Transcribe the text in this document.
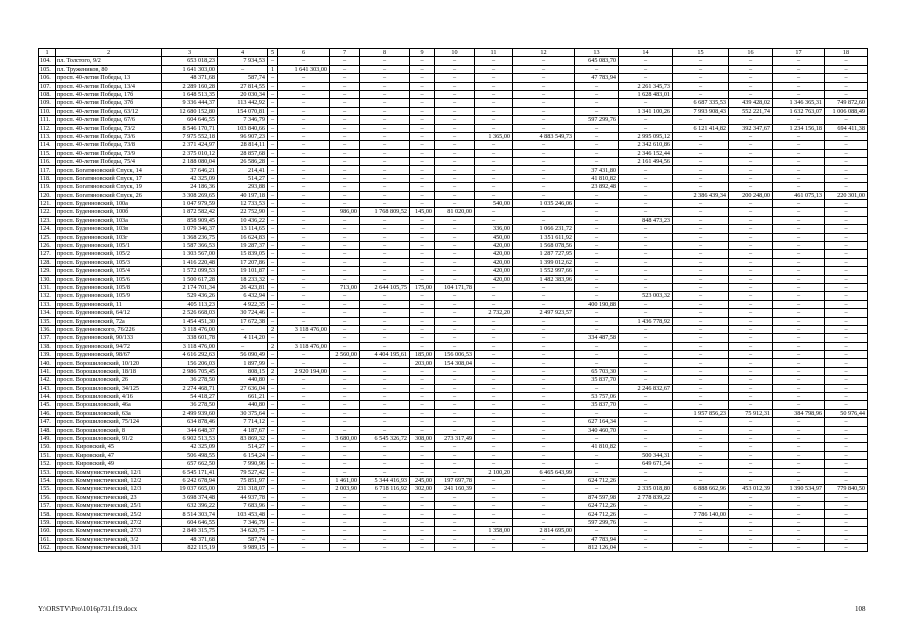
1	2	3	4	5	6	7	8	9	10	11	12	13	14	15	16	17	18
104.	пл. Толстого, 9/2	653 018,23	7 934,53	–	–	–	–	–	–	–	–	645 083,70	–	–	–	–	–
105.	пл. Тружеников, 80	1 641 303,00	–	1	1 641 303,00	–	–	–	–	–	–	–	–	–	–	–	–
106.	просп. 40-летия Победы, 13	48 371,68	587,74	–	–	–	–	–	–	–	–	47 783,94	–	–	–	–	–
107.	просп. 40-летия Победы, 13/4	2 289 160,28	27 814,55	–	–	–	–	–	–	–	–	–	2 261 345,73	–	–	–	–
108.	просп. 40-летия Победы, 17б	1 648 513,35	20 030,34	–	–	–	–	–	–	–	–	–	1 628 483,01	–	–	–	–
109.	просп. 40-летия Победы, 37б	9 336 444,37	113 442,92	–	–	–	–	–	–	–	–	–	–	6 687 335,53	439 428,02	1 346 365,31	749 872,60
110.	просп. 40-летия Победы, 63/12	12 680 152,80	154 070,81	–	–	–	–	–	–	–	–	–	1 341 100,26	7 993 908,43	552 221,74	1 632 763,07	1 006 088,49
111.	просп. 40-летия Победы, 67/6	604 646,55	7 346,79	–	–	–	–	–	–	–	–	597 299,76	–	–	–	–	–
112.	просп. 40-летия Победы, 73/2	8 546 170,71	103 840,66	–	–	–	–	–	–	–	–	–	–	6 121 414,82	392 347,67	1 234 156,18	694 411,38
113.	просп. 40-летия Победы, 73/6	7 975 552,18	96 907,23	–	–	–	–	–	–	1 365,00	4 883 549,73	–	2 995 095,12	–	–	–	–
114.	просп. 40-летия Победы, 73/8	2 371 424,97	28 814,11	–	–	–	–	–	–	–	–	–	2 342 610,86	–	–	–	–
115.	просп. 40-летия Победы, 73/9	2 375 010,12	28 857,68	–	–	–	–	–	–	–	–	–	2 346 152,44	–	–	–	–
116.	просп. 40-летия Победы, 75/4	2 188 080,04	26 586,28	–	–	–	–	–	–	–	–	–	2 161 494,56	–	–	–	–
117.	просп. Богатяновский Спуск, 14	37 646,21	214,41	–	–	–	–	–	–	–	–	37 431,80	–	–	–	–	–
118.	просп. Богатяновский Спуск, 17	42 325,09	514,27	–	–	–	–	–	–	–	–	41 810,82	–	–	–	–	–
119.	просп. Богатяновский Спуск, 19	24 186,36	293,88	–	–	–	–	–	–	–	–	23 892,48	–	–	–	–	–
120.	просп. Богатяновский Спуск, 26	3 308 269,65	40 197,18	–	–	–	–	–	–	–	–	–	–	2 386 439,34	200 248,00	461 075,13	220 301,00
121.	просп. Буденновский, 100а	1 047 979,59	12 733,53	–	–	–	–	–	–	540,00	1 035 246,06	–	–	–	–	–	–
122.	просп. Буденновский, 100б	1 872 582,42	22 752,90	–	–	986,00	1 768 809,52	145,00	81 020,00	–	–	–	–	–	–	–	–
123.	просп. Буденновский, 103а	858 909,45	10 436,22	–	–	–	–	–	–	–	–	–	848 473,23	–	–	–	–
124.	просп. Буденновский, 103в	1 079 346,37	13 114,65	–	–	–	–	–	–	336,00	1 066 231,72	–	–	–	–	–	–
125.	просп. Буденновский, 103г	1 368 236,75	16 624,83	–	–	–	–	–	–	450,00	1 351 611,92	–	–	–	–	–	–
126.	просп. Буденновский, 105/1	1 587 366,53	19 287,37	–	–	–	–	–	–	420,00	1 568 078,56	–	–	–	–	–	–
127.	просп. Буденновский, 105/2	1 303 567,00	15 839,05	–	–	–	–	–	–	420,00	1 287 727,95	–	–	–	–	–	–
128.	просп. Буденновский, 105/3	1 416 220,48	17 207,86	–	–	–	–	–	–	420,00	1 399 012,62	–	–	–	–	–	–
129.	просп. Буденновский, 105/4	1 572 099,53	19 101,87	–	–	–	–	–	–	420,00	1 552 997,66	–	–	–	–	–	–
130.	просп. Буденновский, 105/6	1 500 617,28	18 233,32	–	–	–	–	–	–	420,00	1 482 383,96	–	–	–	–	–	–
131.	просп. Буденновский, 105/8	2 174 701,34	26 423,81	–	–	713,00	2 644 105,75	175,00	104 171,78	–	–	–	–	–	–	–	–
132.	просп. Буденновский, 105/9	529 436,26	6 432,94	–	–	–	–	–	–	–	–	–	523 003,32	–	–	–	–
133.	просп. Буденновский, 11	405 113,23	4 922,35	–	–	–	–	–	–	–	–	400 190,88	–	–	–	–	–
134.	просп. Буденновский, 64/12	2 526 668,03	30 724,46	–	–	–	–	–	–	2 732,20	2 497 923,57	–	–	–	–	–	–
135.	просп. Буденновский, 72а	1 454 451,30	17 672,38	–	–	–	–	–	–	–	–	–	1 436 778,92	–	–	–	–
136.	просп. Буденновского, 76/226	3 118 476,00	–	2	3 118 476,00	–	–	–	–	–	–	–	–	–	–	–	–
137.	просп. Буденновский, 90/133	338 601,78	4 114,20	–	–	–	–	–	–	–	–	334 487,58	–	–	–	–	–
138.	просп. Буденновский, 94/72	3 118 476,00	–	2	3 118 476,00	–	–	–	–	–	–	–	–	–	–	–	–
139.	просп. Буденновский, 98/67	4 616 292,63	56 090,49	–	–	2 560,00	4 404 195,61	185,00	156 006,53	–	–	–	–	–	–	–	–
140.	просп. Ворошиловский, 10/120	156 206,03	1 897,99	–	–	–	–	203,00	154 308,04	–	–	–	–	–	–	–	–
141.	просп. Ворошиловский, 18/18	2 986 705,45	808,15	2	2 920 194,00	–	–	–	–	–	–	65 703,30	–	–	–	–	–
142.	просп. Ворошиловский, 26	36 278,50	440,80	–	–	–	–	–	–	–	–	35 837,70	–	–	–	–	–
143.	просп. Ворошиловский, 34/125	2 274 468,71	27 636,04	–	–	–	–	–	–	–	–	–	2 246 832,67	–	–	–	–
144.	просп. Ворошиловский, 4/16	54 418,27	661,21	–	–	–	–	–	–	–	–	53 757,06	–	–	–	–	–
145.	просп. Ворошиловский, 46а	36 278,50	440,80	–	–	–	–	–	–	–	–	35 837,70	–	–	–	–	–
146.	просп. Ворошиловский, 63а	2 499 939,60	30 375,64	–	–	–	–	–	–	–	–	–	–	1 957 856,23	75 912,31	384 798,96	50 976,44
147.	просп. Ворошиловский, 75/124	634 878,46	7 714,12	–	–	–	–	–	–	–	–	627 164,34	–	–	–	–	–
148.	просп. Ворошиловский, 8	344 648,37	4 187,67	–	–	–	–	–	–	–	–	340 460,70	–	–	–	–	–
149.	просп. Ворошиловский, 91/2	6 902 513,53	83 869,32	–	–	3 680,00	6 545 326,72	308,00	273 317,49	–	–	–	–	–	–	–	–
150.	просп. Кировский, 45	42 325,09	514,27	–	–	–	–	–	–	–	–	41 810,82	–	–	–	–	–
151.	просп. Кировский, 47	506 498,55	6 154,24	–	–	–	–	–	–	–	–	–	500 344,31	–	–	–	–
152.	просп. Кировский, 49	657 662,50	7 990,96	–	–	–	–	–	–	–	–	–	649 671,54	–	–	–	–
153.	просп. Коммунистический, 12/1	6 545 171,41	79 527,42	–	–	–	–	–	–	2 100,20	6 465 643,99	–	–	–	–	–	–
154.	просп. Коммунистический, 12/2	6 242 678,94	75 851,97	–	–	1 461,00	5 344 416,93	245,00	197 697,78	–	–	624 712,26	–	–	–	–	–
155.	просп. Коммунистический, 12/3	19 037 665,00	231 318,07	–	–	2 003,90	6 718 116,92	302,00	241 160,39	–	–	–	2 335 018,80	6 888 662,96	453 012,39	1 390 534,97	779 840,50
156.	просп. Коммунистический, 23	3 698 374,48	44 937,78	–	–	–	–	–	–	–	–	874 597,98	2 778 839,22	–	–	–	–
157.	просп. Коммунистический, 25/1	632 396,22	7 683,96	–	–	–	–	–	–	–	–	624 712,26	–	–	–	–	–
158.	просп. Коммунистический, 25/2	8 514 303,74	103 453,48	–	–	–	–	–	–	–	–	624 712,26	–	7 786 140,00	–	–	–
159.	просп. Коммунистический, 27/2	604 646,55	7 346,79	–	–	–	–	–	–	–	–	597 299,76	–	–	–	–	–
160.	просп. Коммунистический, 27/3	2 849 315,75	34 620,75	–	–	–	–	–	–	1 358,00	2 814 695,00	–	–	–	–	–	–
161.	просп. Коммунистический, 3/2	48 371,68	587,74	–	–	–	–	–	–	–	–	47 783,94	–	–	–	–	–
162.	просп. Коммунистический, 31/1	822 115,19	9 989,15	–	–	–	–	–	–	–	–	812 126,04	–	–	–	–	–
Y:\ORSTV\Pro\1016p731.f19.docx	108
